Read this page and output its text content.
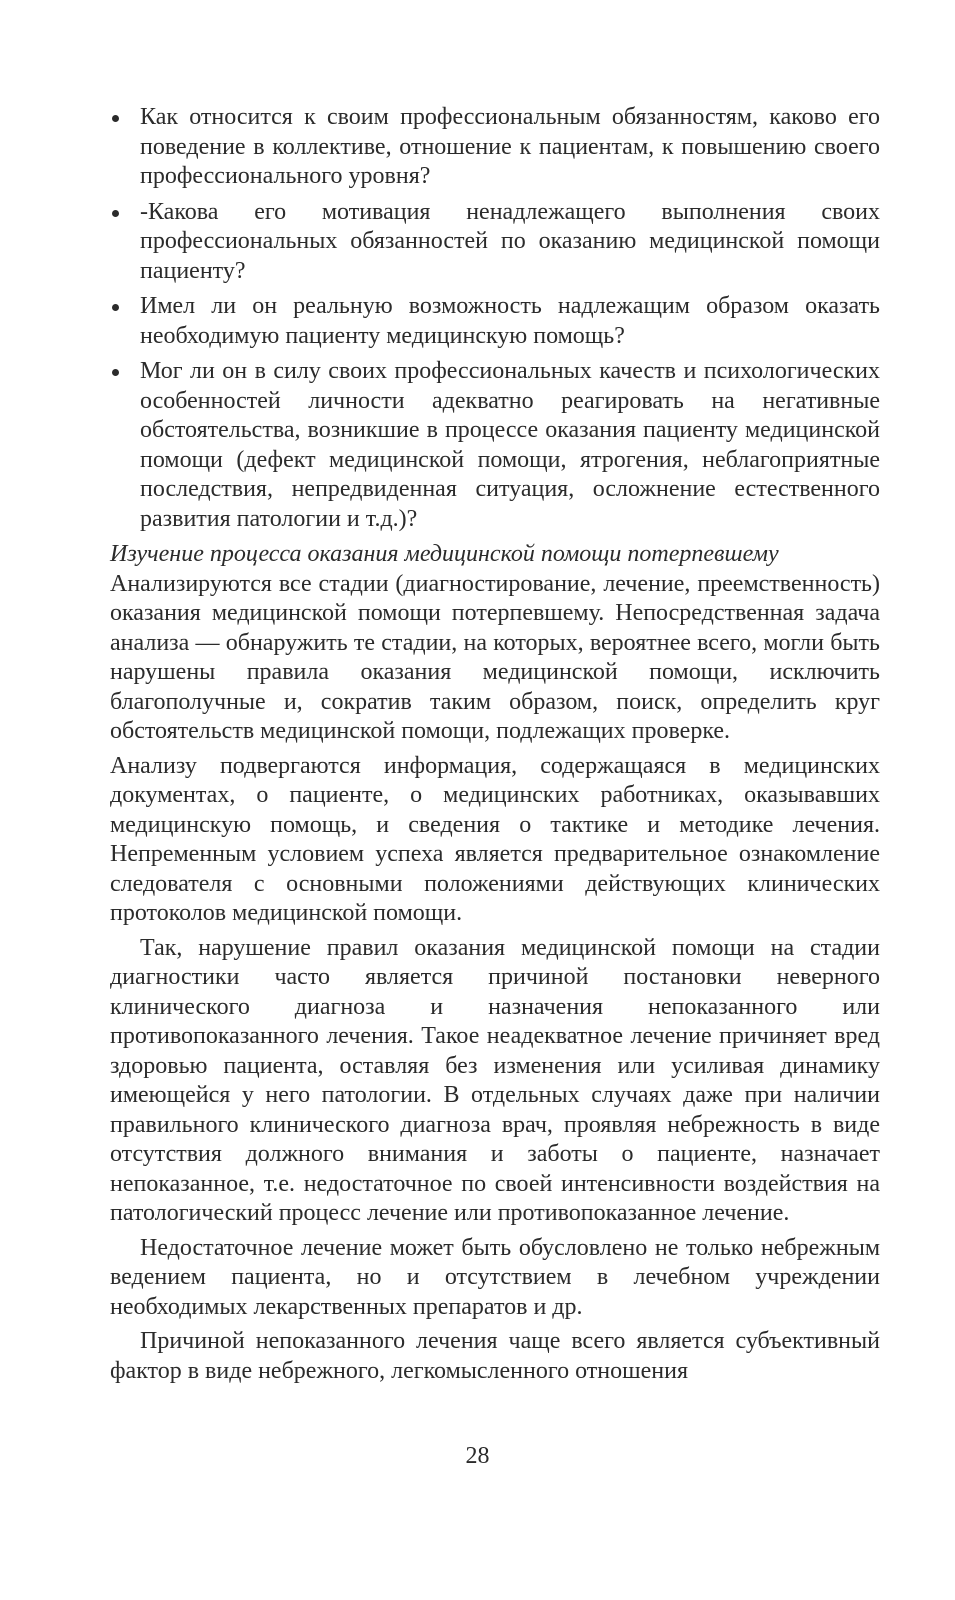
Как относится к своим профессиональным обязанностям, каково его поведение в коллективе, отношение к пациентам, к повышению своего профессионального уровня?
-Какова его мотивация ненадлежащего выполнения своих профессиональных обязанностей по оказанию медицинской помощи пациенту?
Имел ли он реальную возможность надлежащим образом оказать необходимую пациенту медицинскую помощь?
Мог ли он в силу своих профессиональных качеств и психологических особенностей личности адекватно реагировать на негативные обстоятельства, возникшие в процессе оказания пациенту медицинской помощи (дефект медицинской помощи, ятрогения, неблагоприятные последствия, непредвиденная ситуация, осложнение естественного развития патологии и т.д.)?

Изучение процесса оказания медицинской помощи потерпевшему

Анализируются все стадии (диагностирование, лечение, преемственность) оказания медицинской помощи потерпевшему. Непосредственная задача анализа — обнаружить те стадии, на которых, вероятнее всего, могли быть нарушены правила оказания медицинской помощи, исключить благополучные и, сократив таким образом, поиск, определить круг обстоятельств медицинской помощи, подлежащих проверке.

Анализу подвергаются информация, содержащаяся в медицинских документах, о пациенте, о медицинских работниках, оказывавших медицинскую помощь, и сведения о тактике и методике лечения. Непременным условием успеха является предварительное ознакомление следователя с основными положениями действующих клинических протоколов медицинской помощи.

Так, нарушение правил оказания медицинской помощи на стадии диагностики часто является причиной постановки неверного клинического диагноза и назначения непоказанного или противопоказанного лечения. Такое неадекватное лечение причиняет вред здоровью пациента, оставляя без изменения или усиливая динамику имеющейся у него патологии. В отдельных случаях даже при наличии правильного клинического диагноза врач, проявляя небрежность в виде отсутствия должного внимания и заботы о пациенте, назначает непоказанное, т.е. недостаточное по своей интенсивности воздействия на патологический процесс лечение или противопоказанное лечение.

Недостаточное лечение может быть обусловлено не только небрежным ведением пациента, но и отсутствием в лечебном учреждении необходимых лекарственных препаратов и др.

Причиной непоказанного лечения чаще всего является субъективный фактор в виде небрежного, легкомысленного отношения

28
